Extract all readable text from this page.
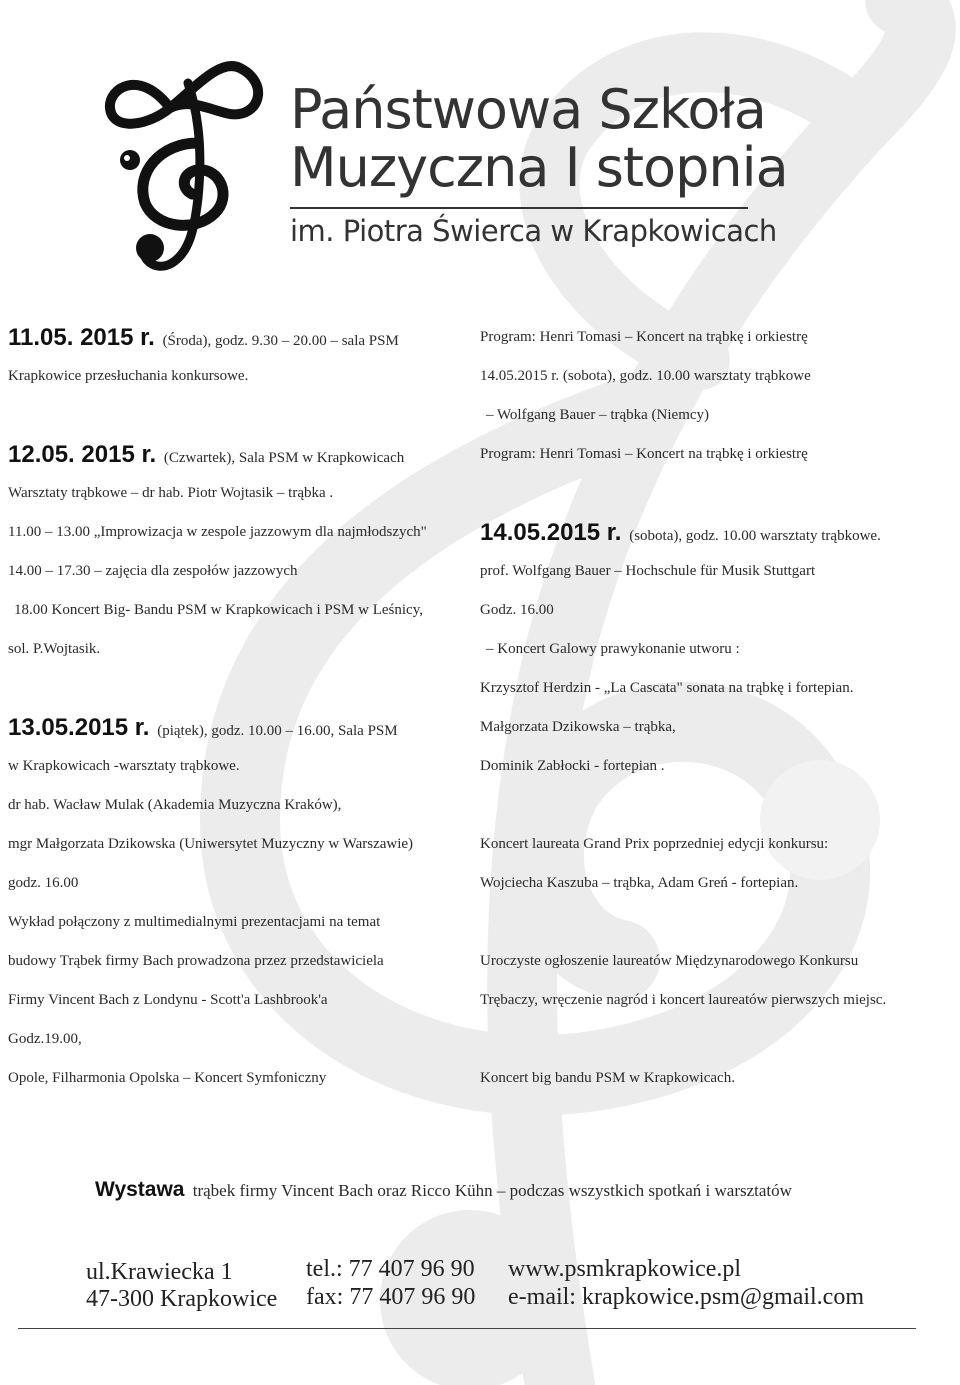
Państwowa Szkoła
Muzyczna I stopnia
im. Piotra Świerca w Krapkowicach
11.05. 2015 r. (Środa), godz. 9.30 – 20.00 – sala PSM
Krapkowice przesłuchania konkursowe.
12.05. 2015 r. (Czwartek), Sala PSM w Krapkowicach
Warsztaty trąbkowe – dr hab. Piotr Wojtasik – trąbka .
11.00 – 13.00 „Improwizacja w zespole jazzowym dla najmłodszych"
14.00 – 17.30 – zajęcia dla zespołów jazzowych
18.00 Koncert Big- Bandu PSM w Krapkowicach i PSM w Leśnicy,
sol. P.Wojtasik.
13.05.2015 r. (piątek), godz. 10.00 – 16.00, Sala PSM
w Krapkowicach -warsztaty trąbkowe.
dr hab. Wacław Mulak (Akademia Muzyczna Kraków),
mgr Małgorzata Dzikowska (Uniwersytet Muzyczny w Warszawie)
godz. 16.00
Wykład połączony z multimedialnymi prezentacjami na temat
budowy Trąbek firmy Bach prowadzona przez przedstawiciela
Firmy Vincent Bach z Londynu - Scott'a Lashbrook'a
Godz.19.00,
Opole, Filharmonia Opolska – Koncert Symfoniczny
Program: Henri Tomasi – Koncert na trąbkę i orkiestrę
14.05.2015 r. (sobota), godz. 10.00 warsztaty trąbkowe
– Wolfgang Bauer – trąbka (Niemcy)
Program: Henri Tomasi – Koncert na trąbkę i orkiestrę
14.05.2015 r. (sobota), godz. 10.00 warsztaty trąbkowe.
prof. Wolfgang Bauer – Hochschule für Musik Stuttgart
Godz. 16.00
– Koncert Galowy prawykonanie utworu :
Krzysztof Herdzin - „La Cascata" sonata na trąbkę i fortepian.
Małgorzata Dzikowska – trąbka,
Dominik Zabłocki - fortepian .
Koncert laureata Grand Prix poprzedniej edycji konkursu:
Wojciecha Kaszuba – trąbka, Adam Greń - fortepian.
Uroczyste ogłoszenie laureatów Międzynarodowego Konkursu
Trębaczy, wręczenie nagród i koncert laureatów pierwszych miejsc.
Koncert big bandu PSM w Krapkowicach.
Wystawa trąbek firmy Vincent Bach oraz Ricco Kühn – podczas wszystkich spotkań i warsztatów
ul.Krawiecka 1
47-300 Krapkowice
tel.: 77 407 96 90
fax: 77 407 96 90
www.psmkrapkowice.pl
e-mail: krapkowice.psm@gmail.com
